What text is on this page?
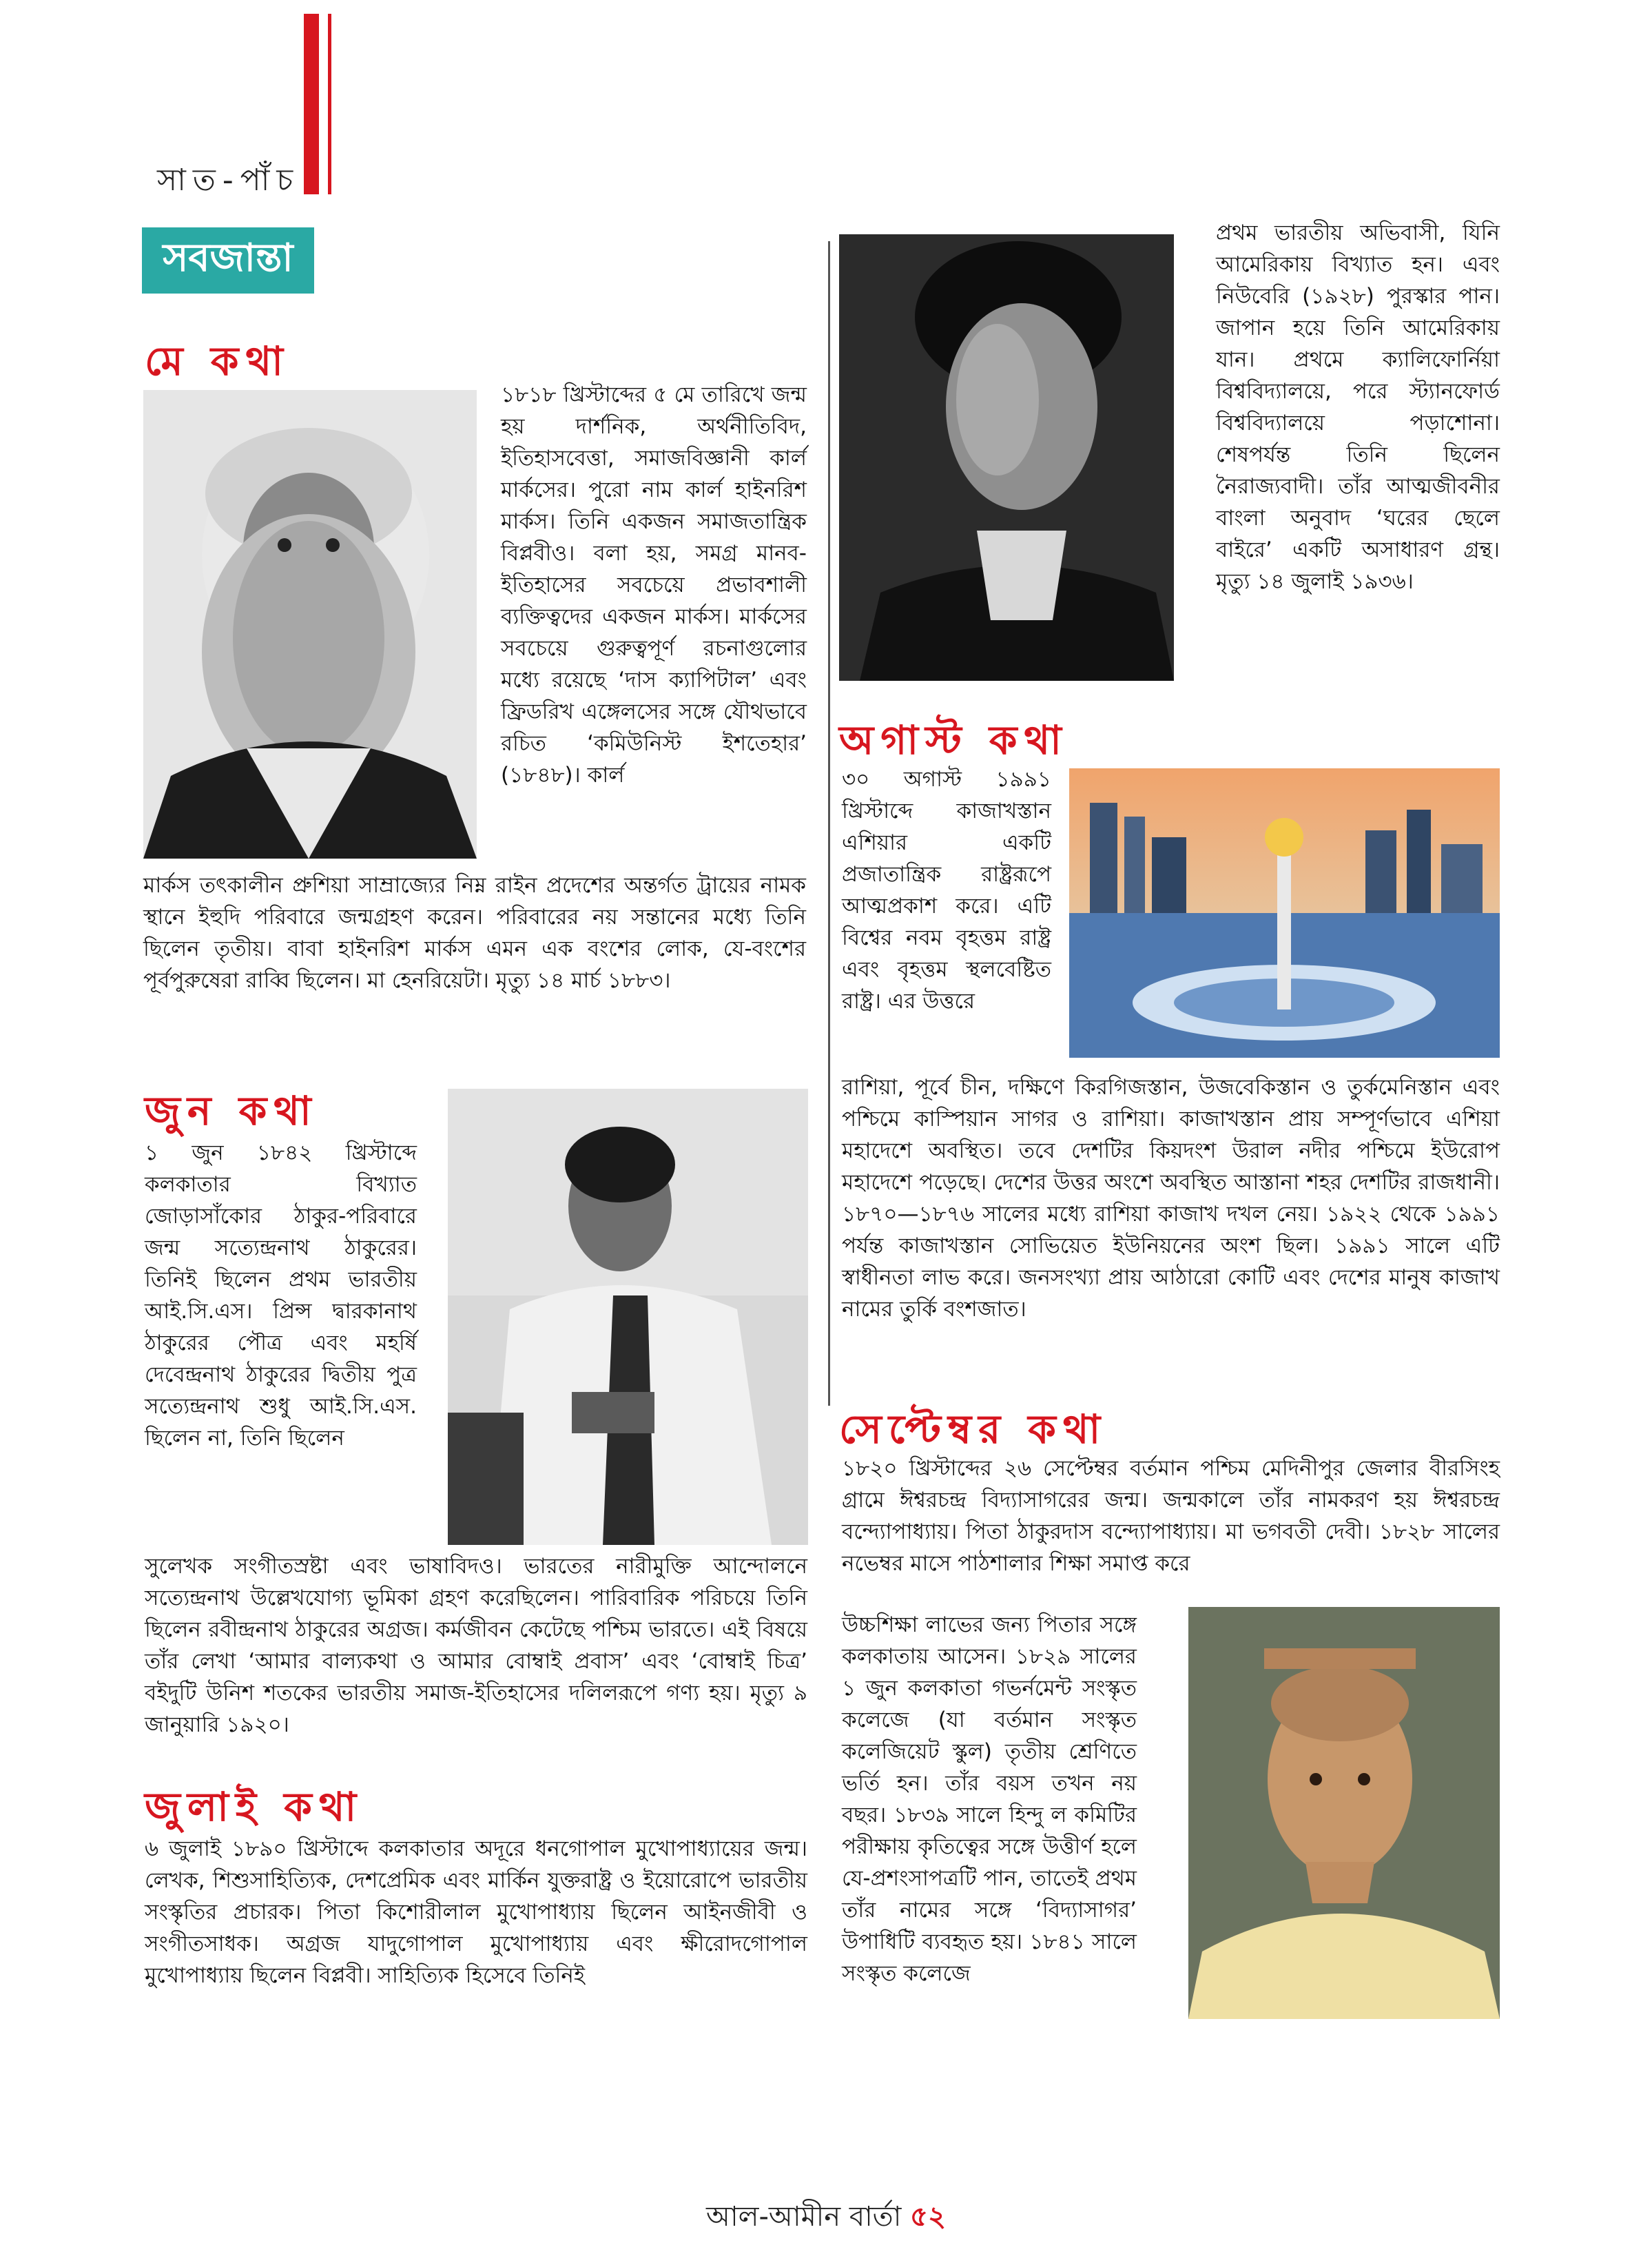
সাত-পাঁচ
সবজান্তা
মে কথা
১৮১৮ খ্রিস্টাব্দের ৫ মে তারিখে জন্ম হয় দার্শনিক, অর্থনীতিবিদ, ইতিহাসবেত্তা, সমাজবিজ্ঞানী কার্ল মার্কসের। পুরো নাম কার্ল হাইনরিশ মার্কস। তিনি একজন সমাজতান্ত্রিক বিপ্লবীও। বলা হয়, সমগ্র মানব-ইতিহাসের সবচেয়ে প্রভাবশালী ব্যক্তিত্বদের একজন মার্কস। মার্কসের সবচেয়ে গুরুত্বপূর্ণ রচনাগুলোর মধ্যে রয়েছে ‘দাস ক্যাপিটাল’ এবং ফ্রিডরিখ এঙ্গেলসের সঙ্গে যৌথভাবে রচিত ‘কমিউনিস্ট ইশতেহার’ (১৮৪৮)। কার্ল
মার্কস তৎকালীন প্রুশিয়া সাম্রাজ্যের নিম্ন রাইন প্রদেশের অন্তর্গত ট্রায়ের নামক স্থানে ইহুদি পরিবারে জন্মগ্রহণ করেন। পরিবারের নয় সন্তানের মধ্যে তিনি ছিলেন তৃতীয়। বাবা হাইনরিশ মার্কস এমন এক বংশের লোক, যে-বংশের পূর্বপুরুষেরা রাব্বি ছিলেন। মা হেনরিয়েটা। মৃত্যু ১৪ মার্চ ১৮৮৩।
জুন কথা
১ জুন ১৮৪২ খ্রিস্টাব্দে কলকাতার বিখ্যাত জোড়াসাঁকোর ঠাকুর-পরিবারে জন্ম সত্যেন্দ্রনাথ ঠাকুরের। তিনিই ছিলেন প্রথম ভারতীয় আই.সি.এস। প্রিন্স দ্বারকানাথ ঠাকুরের পৌত্র এবং মহর্ষি দেবেন্দ্রনাথ ঠাকুরের দ্বিতীয় পুত্র সত্যেন্দ্রনাথ শুধু আই.সি.এস. ছিলেন না, তিনি ছিলেন
সুলেখক সংগীতস্রষ্টা এবং ভাষাবিদও। ভারতের নারীমুক্তি আন্দোলনে সত্যেন্দ্রনাথ উল্লেখযোগ্য ভূমিকা গ্রহণ করেছিলেন। পারিবারিক পরিচয়ে তিনি ছিলেন রবীন্দ্রনাথ ঠাকুরের অগ্রজ। কর্মজীবন কেটেছে পশ্চিম ভারতে। এই বিষয়ে তাঁর লেখা ‘আমার বাল্যকথা ও আমার বোম্বাই প্রবাস’ এবং ‘বোম্বাই চিত্র’ বইদুটি উনিশ শতকের ভারতীয় সমাজ-ইতিহাসের দলিলরূপে গণ্য হয়। মৃত্যু ৯ জানুয়ারি ১৯২০।
জুলাই কথা
৬ জুলাই ১৮৯০ খ্রিস্টাব্দে কলকাতার অদূরে ধনগোপাল মুখোপাধ্যায়ের জন্ম। লেখক, শিশুসাহিত্যিক, দেশপ্রেমিক এবং মার্কিন যুক্তরাষ্ট্র ও ইয়োরোপে ভারতীয় সংস্কৃতির প্রচারক। পিতা কিশোরীলাল মুখোপাধ্যায় ছিলেন আইনজীবী ও সংগীতসাধক। অগ্রজ যাদুগোপাল মুখোপাধ্যায় এবং ক্ষীরোদগোপাল মুখোপাধ্যায় ছিলেন বিপ্লবী। সাহিত্যিক হিসেবে তিনিই
প্রথম ভারতীয় অভিবাসী, যিনি আমেরিকায় বিখ্যাত হন। এবং নিউবেরি (১৯২৮) পুরস্কার পান। জাপান হয়ে তিনি আমেরিকায় যান। প্রথমে ক্যালিফোর্নিয়া বিশ্ববিদ্যালয়ে, পরে স্ট্যানফোর্ড বিশ্ববিদ্যালয়ে পড়াশোনা। শেষপর্যন্ত তিনি ছিলেন নৈরাজ্যবাদী। তাঁর আত্মজীবনীর বাংলা অনুবাদ ‘ঘরের ছেলে বাইরে’ একটি অসাধারণ গ্রন্থ। মৃত্যু ১৪ জুলাই ১৯৩৬।
অগাস্ট কথা
৩০ অগাস্ট ১৯৯১ খ্রিস্টাব্দে কাজাখস্তান এশিয়ার একটি প্রজাতান্ত্রিক রাষ্ট্ররূপে আত্মপ্রকাশ করে। এটি বিশ্বের নবম বৃহত্তম রাষ্ট্র এবং বৃহত্তম স্থলবেষ্টিত রাষ্ট্র। এর উত্তরে
রাশিয়া, পূর্বে চীন, দক্ষিণে কিরগিজস্তান, উজবেকিস্তান ও তুর্কমেনিস্তান এবং পশ্চিমে কাস্পিয়ান সাগর ও রাশিয়া। কাজাখস্তান প্রায় সম্পূর্ণভাবে এশিয়া মহাদেশে অবস্থিত। তবে দেশটির কিয়দংশ উরাল নদীর পশ্চিমে ইউরোপ মহাদেশে পড়েছে। দেশের উত্তর অংশে অবস্থিত আস্তানা শহর দেশটির রাজধানী। ১৮৭০—১৮৭৬ সালের মধ্যে রাশিয়া কাজাখ দখল নেয়। ১৯২২ থেকে ১৯৯১ পর্যন্ত কাজাখস্তান সোভিয়েত ইউনিয়নের অংশ ছিল। ১৯৯১ সালে এটি স্বাধীনতা লাভ করে। জনসংখ্যা প্রায় আঠারো কোটি এবং দেশের মানুষ কাজাখ নামের তুর্কি বংশজাত।
সেপ্টেম্বর কথা
১৮২০ খ্রিস্টাব্দের ২৬ সেপ্টেম্বর বর্তমান পশ্চিম মেদিনীপুর জেলার বীরসিংহ গ্রামে ঈশ্বরচন্দ্র বিদ্যাসাগরের জন্ম। জন্মকালে তাঁর নামকরণ হয় ঈশ্বরচন্দ্র বন্দ্যোপাধ্যায়। পিতা ঠাকুরদাস বন্দ্যোপাধ্যায়। মা ভগবতী দেবী। ১৮২৮ সালের নভেম্বর মাসে পাঠশালার শিক্ষা সমাপ্ত করে
উচ্চশিক্ষা লাভের জন্য পিতার সঙ্গে কলকাতায় আসেন। ১৮২৯ সালের ১ জুন কলকাতা গভর্নমেন্ট সংস্কৃত কলেজে (যা বর্তমান সংস্কৃত কলেজিয়েট স্কুল) তৃতীয় শ্রেণিতে ভর্তি হন। তাঁর বয়স তখন নয় বছর। ১৮৩৯ সালে হিন্দু ল কমিটির পরীক্ষায় কৃতিত্বের সঙ্গে উত্তীর্ণ হলে যে-প্রশংসাপত্রটি পান, তাতেই প্রথম তাঁর নামের সঙ্গে ‘বিদ্যাসাগর’ উপাধিটি ব্যবহৃত হয়। ১৮৪১ সালে সংস্কৃত কলেজে
আল-আমীন বার্তা ৫২
